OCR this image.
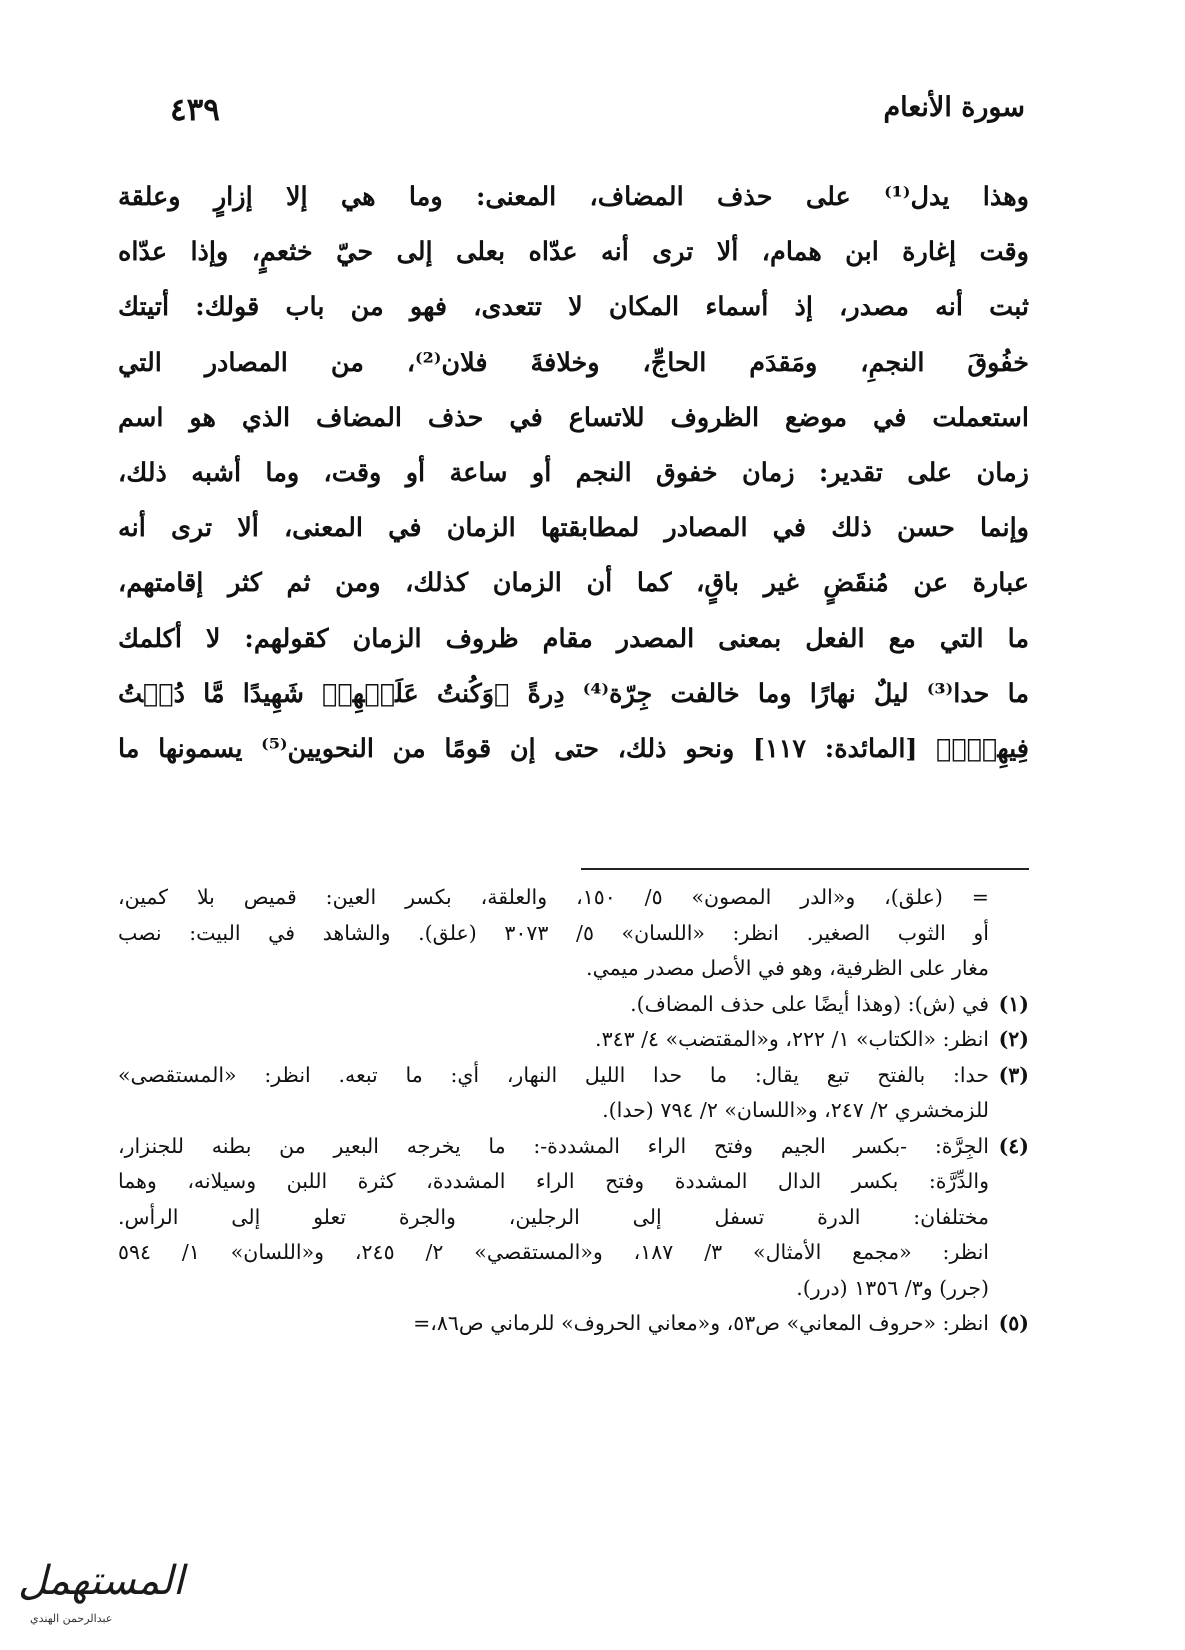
سورة الأنعام
٤٣٩
وهذا يدل⁽¹⁾ على حذف المضاف، المعنى: وما هي إلا إزارٍ وعلقة
وقت إغارة ابن همام، ألا ترى أنه عدّاه بعلى إلى حيّ خثعمٍ، وإذا عدّاه
ثبت أنه مصدر، إذ أسماء المكان لا تتعدى، فهو من باب قولك: أتيتك
خفُوقَ النجمِ، ومَقدَم الحاجِّ، وخلافةَ فلان⁽²⁾، من المصادر التي
استعملت في موضع الظروف للاتساع في حذف المضاف الذي هو اسم
زمان على تقدير: زمان خفوق النجم أو ساعة أو وقت، وما أشبه ذلك،
وإنما حسن ذلك في المصادر لمطابقتها الزمان في المعنى، ألا ترى أنه
عبارة عن مُنقَضٍ غير باقٍ، كما أن الزمان كذلك، ومن ثم كثر إقامتهم،
ما التي مع الفعل بمعنى المصدر مقام ظروف الزمان كقولهم: لا أكلمك
ما حدا⁽³⁾ ليلٌ نهارًا وما خالفت جِرّة⁽⁴⁾ دِرةً ﴿وَكُنتُ عَلَيۡهِمۡ شَهِيدًا مَّا دُمۡتُ
فِيهِمۡۖ﴾ [المائدة: ١١٧] ونحو ذلك، حتى إن قومًا من النحويين⁽⁵⁾ يسمونها ما
= (علق)، و«الدر المصون» ٥/ ١٥٠، والعلقة، بكسر العين: قميص بلا كمين،
أو الثوب الصغير. انظر: «اللسان» ٥/ ٣٠٧٣ (علق). والشاهد في البيت: نصب
مغار على الظرفية، وهو في الأصل مصدر ميمي.
(١)في (ش): (وهذا أيضًا على حذف المضاف).
(٢)انظر: «الكتاب» ١/ ٢٢٢، و«المقتضب» ٤/ ٣٤٣.
(٣)حدا: بالفتح تبع يقال: ما حدا الليل النهار، أي: ما تبعه. انظر: «المستقصى»
للزمخشري ٢/ ٢٤٧، و«اللسان» ٢/ ٧٩٤ (حدا).
(٤)الجِرَّة: -بكسر الجيم وفتح الراء المشددة-: ما يخرجه البعير من بطنه للجنزار،
والدِّرَّة: بكسر الدال المشددة وفتح الراء المشددة، كثرة اللبن وسيلانه، وهما
مختلفان: الدرة تسفل إلى الرجلين، والجرة تعلو إلى الرأس.
انظر: «مجمع الأمثال» ٣/ ١٨٧، و«المستقصي» ٢/ ٢٤٥، و«اللسان» ١/ ٥٩٤
(جرر) و٣/ ١٣٥٦ (درر).
(٥)انظر: «حروف المعاني» ص٥٣، و«معاني الحروف» للرماني ص٨٦،=
المستهمل
عبدالرحمن الهندي
